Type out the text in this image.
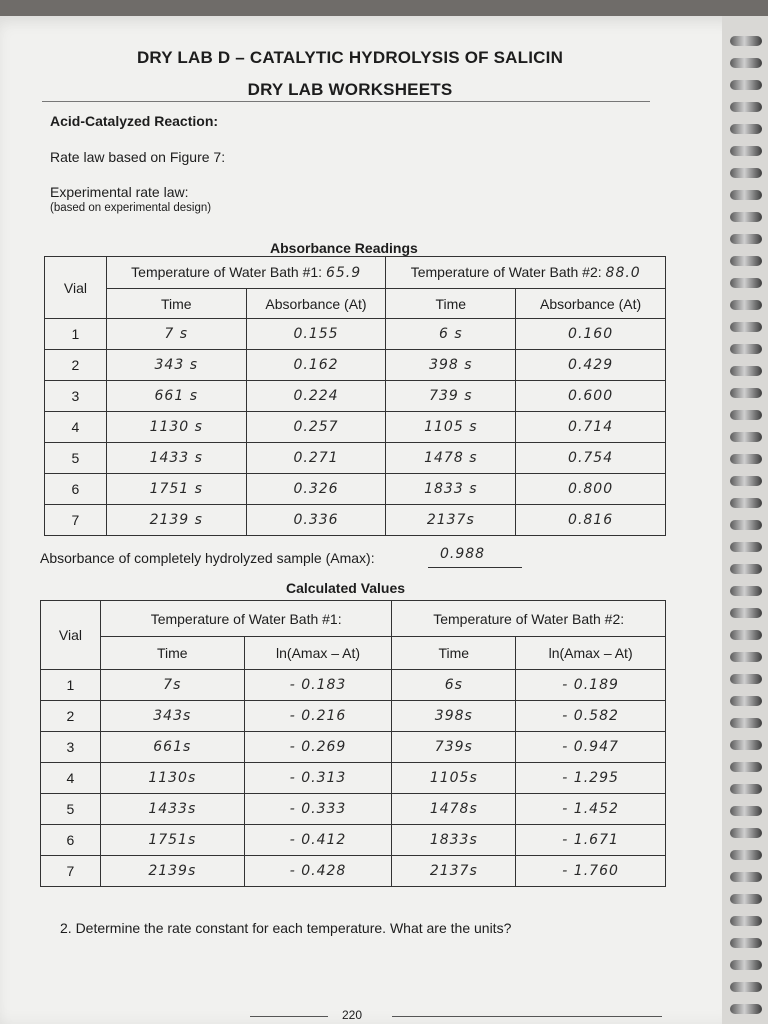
DRY LAB D – CATALYTIC HYDROLYSIS OF SALICIN
DRY LAB WORKSHEETS
Acid-Catalyzed Reaction:
Rate law based on Figure 7:
Experimental rate law:
(based on experimental design)
Absorbance Readings
Vial	Temperature of Water Bath #1: 65.9		Temperature of Water Bath #2: 88.0	
	Time	Absorbance (At)	Time	Absorbance (At)
1	7 s	0.155	6 s	0.160
2	343 s	0.162	398 s	0.429
3	661 s	0.224	739 s	0.600
4	1130 s	0.257	1105 s	0.714
5	1433 s	0.271	1478 s	0.754
6	1751 s	0.326	1833 s	0.800
7	2139 s	0.336	2137s	0.816
Absorbance of completely hydrolyzed sample (Amax):	0.988
Calculated Values
Vial	Temperature of Water Bath #1:		Temperature of Water Bath #2:	
	Time	ln(Amax – At)	Time	ln(Amax – At)
1	7s	- 0.183	6s	- 0.189
2	343s	- 0.216	398s	- 0.582
3	661s	- 0.269	739s	- 0.947
4	1130s	- 0.313	1105s	- 1.295
5	1433s	- 0.333	1478s	- 1.452
6	1751s	- 0.412	1833s	- 1.671
7	2139s	- 0.428	2137s	- 1.760
2. Determine the rate constant for each temperature. What are the units?
220
